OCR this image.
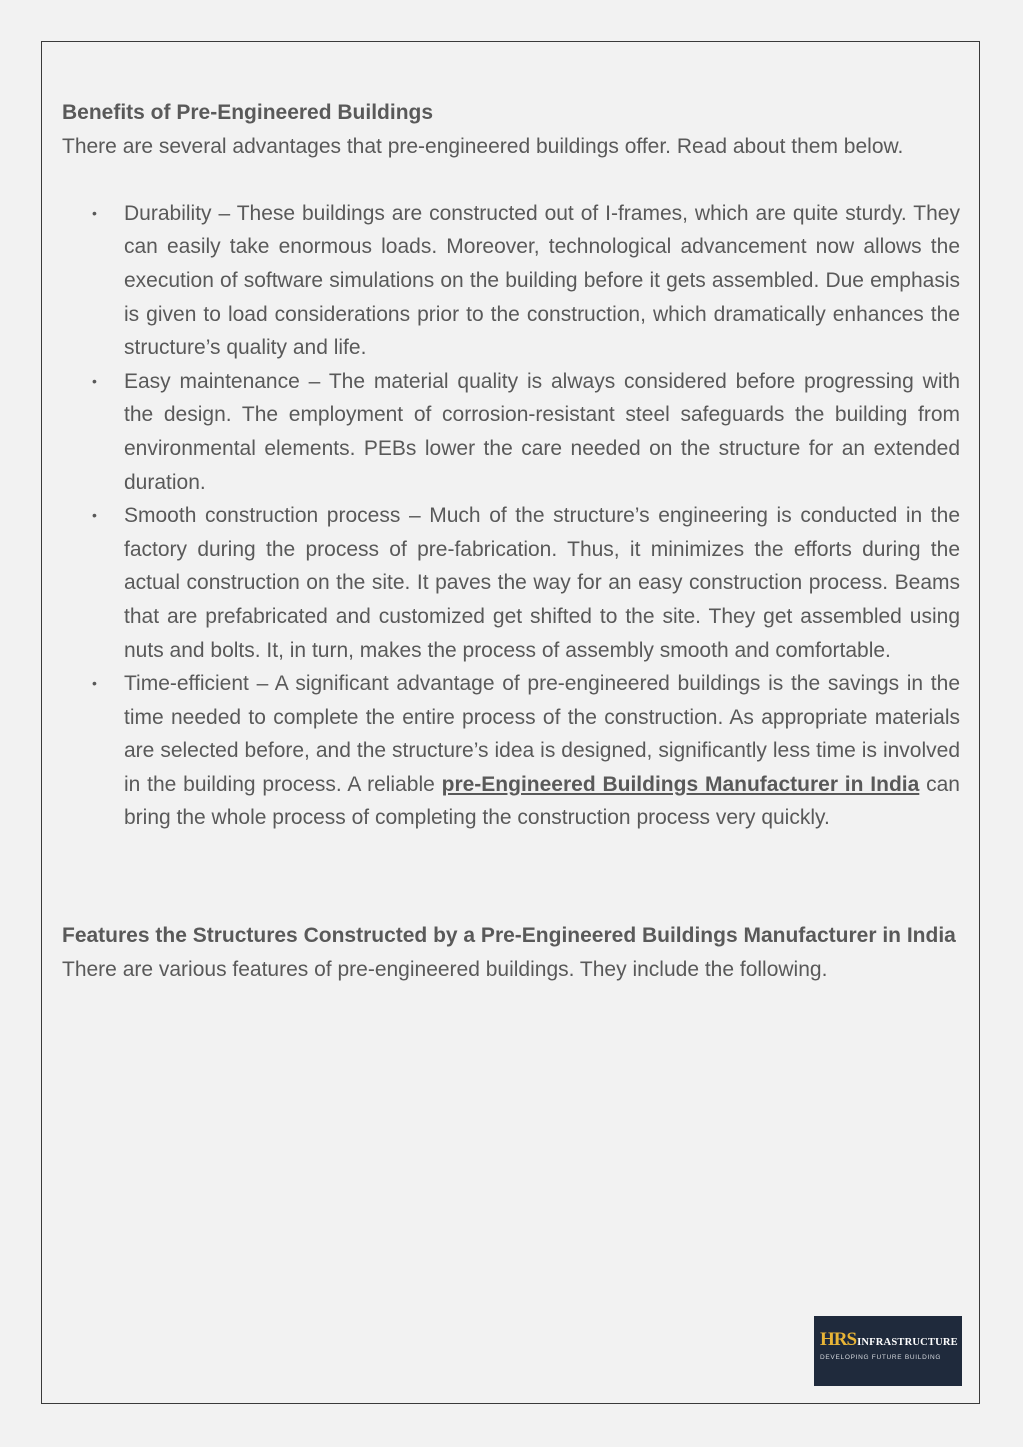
Benefits of Pre-Engineered Buildings

There are several advantages that pre-engineered buildings offer. Read about them below.

• Durability – These buildings are constructed out of I-frames, which are quite sturdy. They can easily take enormous loads. Moreover, technological advancement now allows the execution of software simulations on the building before it gets assembled. Due emphasis is given to load considerations prior to the construction, which dramatically enhances the structure’s quality and life.
• Easy maintenance – The material quality is always considered before progressing with the design. The employment of corrosion-resistant steel safeguards the building from environmental elements. PEBs lower the care needed on the structure for an extended duration.
• Smooth construction process – Much of the structure’s engineering is conducted in the factory during the process of pre-fabrication. Thus, it minimizes the efforts during the actual construction on the site. It paves the way for an easy construction process. Beams that are prefabricated and customized get shifted to the site. They get assembled using nuts and bolts. It, in turn, makes the process of assembly smooth and comfortable.
• Time-efficient – A significant advantage of pre-engineered buildings is the savings in the time needed to complete the entire process of the construction. As appropriate materials are selected before, and the structure’s idea is designed, significantly less time is involved in the building process. A reliable pre-Engineered Buildings Manufacturer in India can bring the whole process of completing the construction process very quickly.
Features the Structures Constructed by a Pre-Engineered Buildings Manufacturer in India

There are various features of pre-engineered buildings. They include the following.

HRSINFRASTRUCTURE
DEVELOPING FUTURE BUILDING
